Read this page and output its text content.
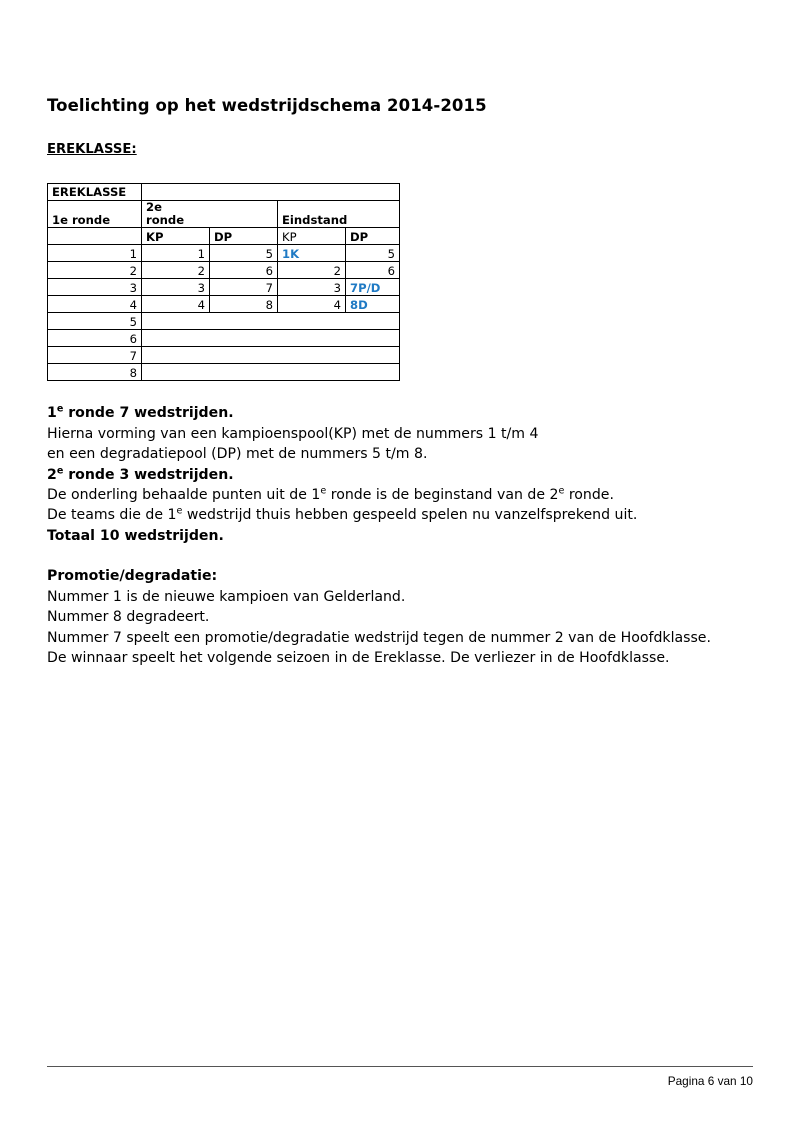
Toelichting op het wedstrijdschema 2014-2015
EREKLASSE:
EREKLASSE				
1e ronde	2e
ronde		Eindstand	
	KP	DP	KP	DP
1	1	5	1K	5
2	2	6	2	6
3	3	7	3	7P/D
4	4	8	4	8D
5				
6				
7				
8				

1e ronde 7 wedstrijden.

Hierna vorming van een kampioenspool(KP) met de nummers 1 t/m 4

en een degradatiepool (DP) met de nummers 5 t/m 8.

2e ronde 3 wedstrijden.

De onderling behaalde punten uit de 1e ronde is de beginstand van de 2e ronde.

De teams die de 1e wedstrijd thuis hebben gespeeld spelen nu vanzelfsprekend uit.

Totaal 10 wedstrijden.

Promotie/degradatie:

Nummer 1 is de nieuwe kampioen van Gelderland.

Nummer 8 degradeert.

Nummer 7 speelt een promotie/degradatie wedstrijd tegen de nummer 2 van de Hoofdklasse.

De winnaar speelt het volgende seizoen in de Ereklasse. De verliezer in de Hoofdklasse.

Pagina 6 van 10
